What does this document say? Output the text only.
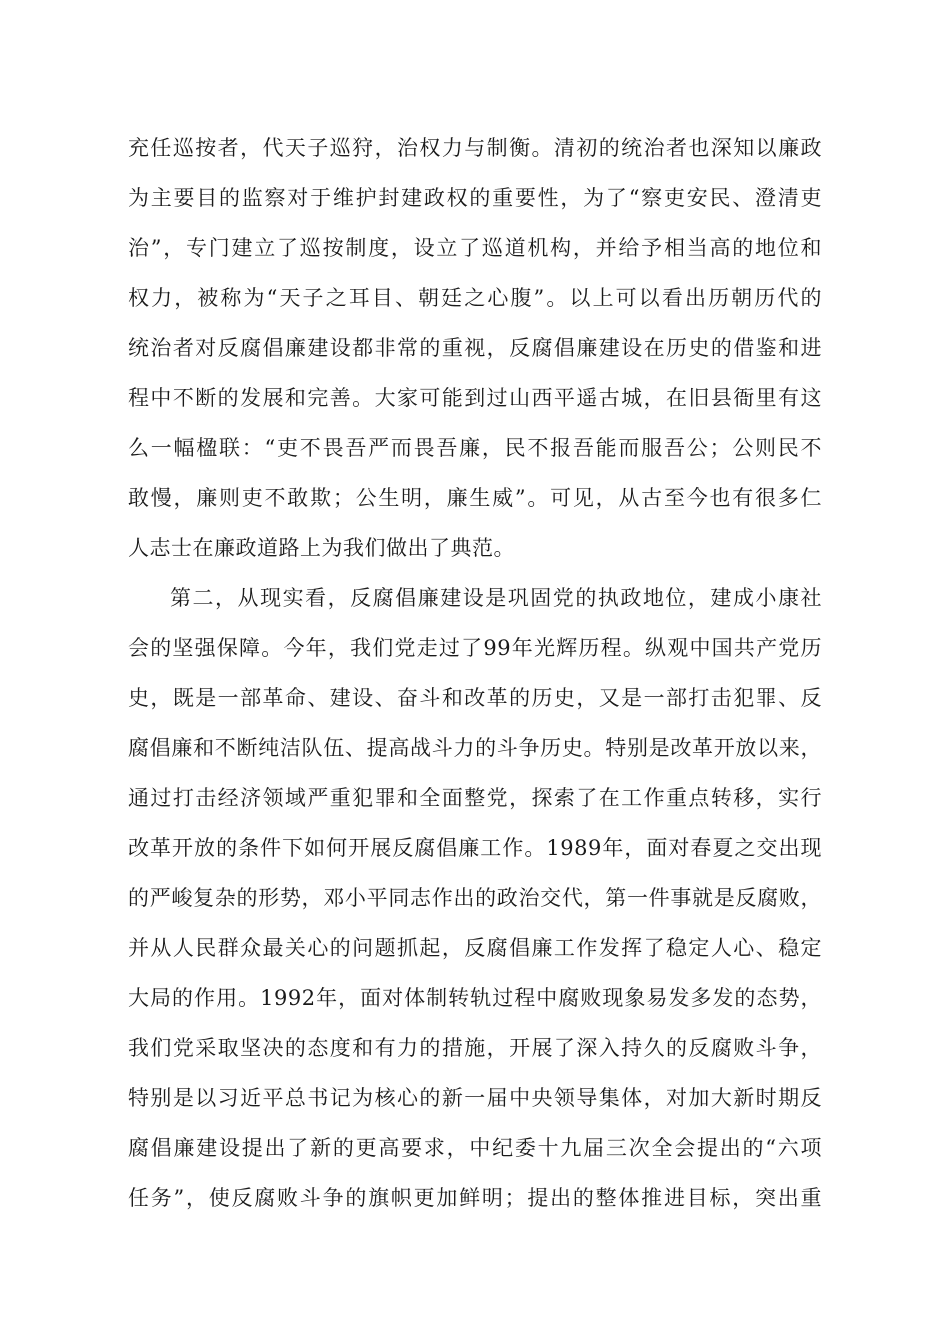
充任巡按者，代天子巡狩，治权力与制衡。清初的统治者也深知以廉政
为主要目的监察对于维护封建政权的重要性，为了“察吏安民、澄清吏
治”，专门建立了巡按制度，设立了巡道机构，并给予相当高的地位和
权力，被称为“天子之耳目、朝廷之心腹”。以上可以看出历朝历代的
统治者对反腐倡廉建设都非常的重视，反腐倡廉建设在历史的借鉴和进
程中不断的发展和完善。大家可能到过山西平遥古城，在旧县衙里有这
么一幅楹联：“吏不畏吾严而畏吾廉，民不报吾能而服吾公；公则民不
敢慢，廉则吏不敢欺；公生明，廉生威”。可见，从古至今也有很多仁
人志士在廉政道路上为我们做出了典范。
第二，从现实看，反腐倡廉建设是巩固党的执政地位，建成小康社
会的坚强保障。今年，我们党走过了99年光辉历程。纵观中国共产党历
史，既是一部革命、建设、奋斗和改革的历史，又是一部打击犯罪、反
腐倡廉和不断纯洁队伍、提高战斗力的斗争历史。特别是改革开放以来，
通过打击经济领域严重犯罪和全面整党，探索了在工作重点转移，实行
改革开放的条件下如何开展反腐倡廉工作。1989年，面对春夏之交出现
的严峻复杂的形势，邓小平同志作出的政治交代，第一件事就是反腐败，
并从人民群众最关心的问题抓起，反腐倡廉工作发挥了稳定人心、稳定
大局的作用。1992年，面对体制转轨过程中腐败现象易发多发的态势，
我们党采取坚决的态度和有力的措施，开展了深入持久的反腐败斗争，
特别是以习近平总书记为核心的新一届中央领导集体，对加大新时期反
腐倡廉建设提出了新的更高要求，中纪委十九届三次全会提出的“六项
任务”，使反腐败斗争的旗帜更加鲜明；提出的整体推进目标，突出重
